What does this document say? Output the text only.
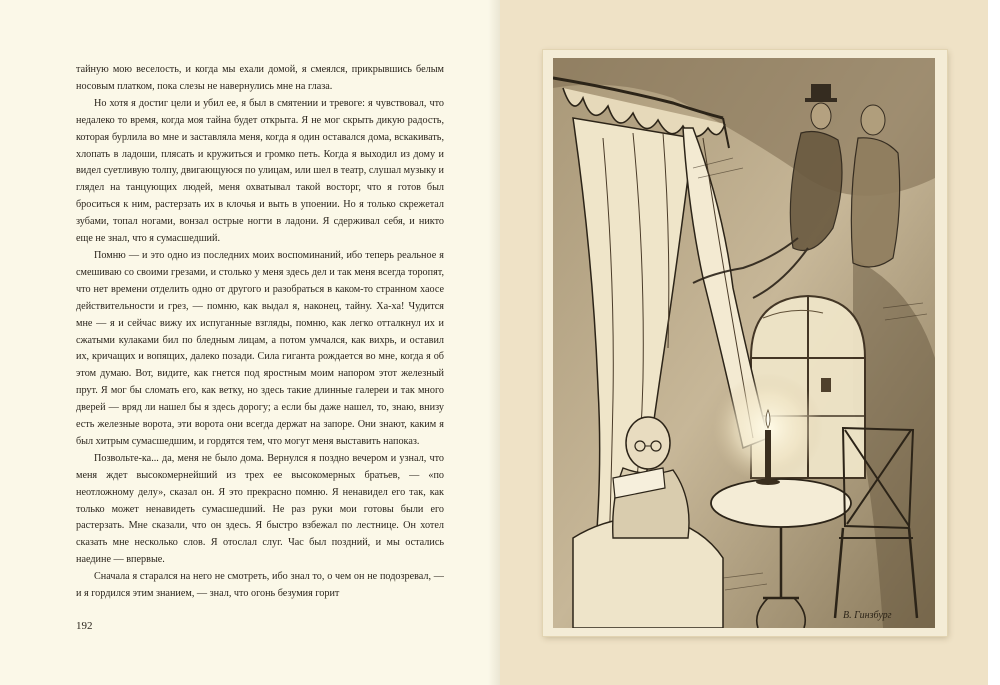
тайную мою веселость, и когда мы ехали домой, я смеялся, прикрывшись белым носовым платком, пока слезы не навернулись мне на глаза.

Но хотя я достиг цели и убил ее, я был в смятении и тревоге: я чувствовал, что недалеко то время, когда моя тайна будет открыта. Я не мог скрыть дикую радость, которая бурлила во мне и заставляла меня, когда я один оставался дома, вскакивать, хлопать в ладоши, плясать и кружиться и громко петь. Когда я выходил из дому и видел суетливую толпу, двигающуюся по улицам, или шел в театр, слушал музыку и глядел на танцующих людей, меня охватывал такой восторг, что я готов был броситься к ним, растерзать их в клочья и выть в упоении. Но я только скрежетал зубами, топал ногами, вонзал острые ногти в ладони. Я сдерживал себя, и никто еще не знал, что я сумасшедший.

Помню — и это одно из последних моих воспоминаний, ибо теперь реальное я смешиваю со своими грезами, и столько у меня здесь дел и так меня всегда торопят, что нет времени отделить одно от другого и разобраться в каком-то странном хаосе действительности и грез, — помню, как выдал я, наконец, тайну. Ха-ха! Чудится мне — я и сейчас вижу их испуганные взгляды, помню, как легко отталкнул их и сжатыми кулаками бил по бледным лицам, а потом умчался, как вихрь, и оставил их, кричащих и вопящих, далеко позади. Сила гиганта рождается во мне, когда я об этом думаю. Вот, видите, как гнется под яростным моим напором этот железный прут. Я мог бы сломать его, как ветку, но здесь такие длинные галереи и так много дверей — вряд ли нашел бы я здесь дорогу; а если бы даже нашел, то, знаю, внизу есть железные ворота, эти ворота они всегда держат на запоре. Они знают, каким я был хитрым сумасшедшим, и гордятся тем, что могут меня выставить напоказ.

Позвольте-ка... да, меня не было дома. Вернулся я поздно вечером и узнал, что меня ждет высокомернейший из трех ее высокомерных братьев, — «по неотложному делу», сказал он. Я это прекрасно помню. Я ненавидел его так, как только может ненавидеть сумасшедший. Не раз руки мои готовы были его растерзать. Мне сказали, что он здесь. Я быстро взбежал по лестнице. Он хотел сказать мне несколько слов. Я отослал слуг. Час был поздний, и мы остались наедине — впервые.

Сначала я старался на него не смотреть, ибо знал то, о чем он не подозревал, — и я гордился этим знанием, — знал, что огонь безумия горит

192
В. Гинзбург
